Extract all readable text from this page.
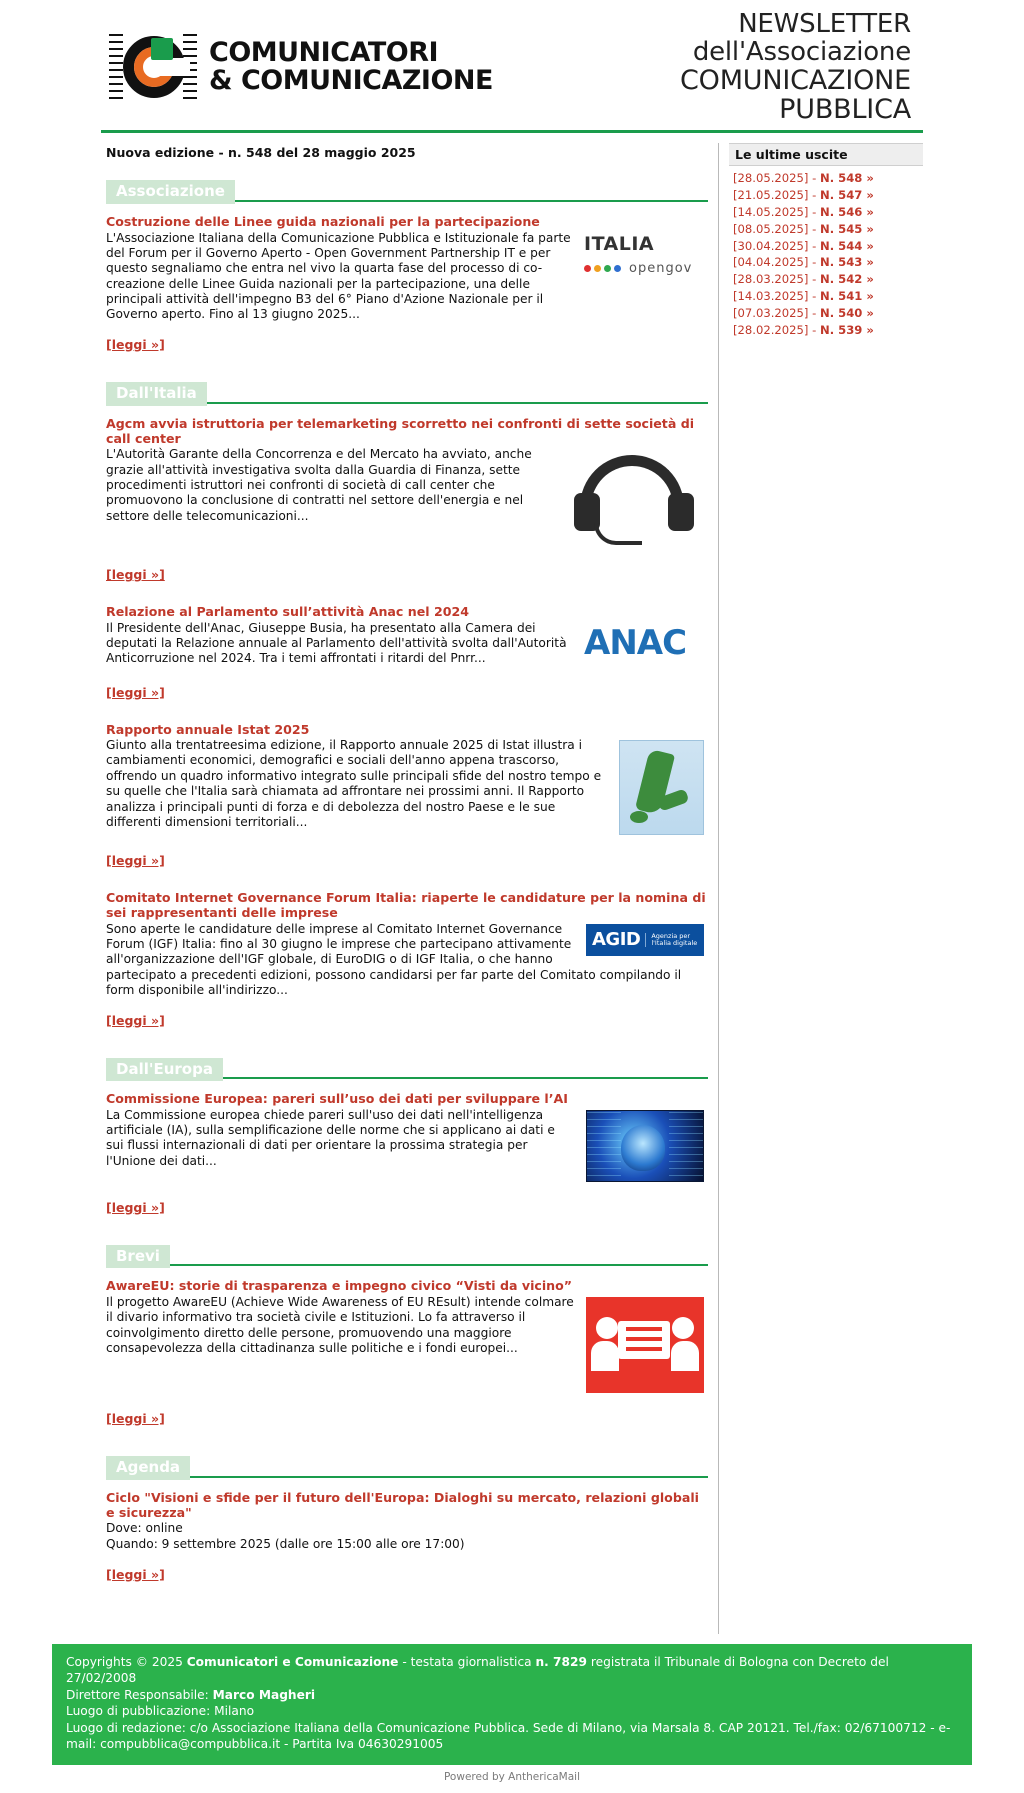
COMUNICATORI
& COMUNICAZIONE
NEWSLETTER dell'Associazione
COMUNICAZIONE PUBBLICA
Nuova edizione - n. 548 del 28 maggio 2025
Associazione
Costruzione delle Linee guida nazionali per la partecipazione
ITALIA
opengov
L'Associazione Italiana della Comunicazione Pubblica e Istituzionale fa parte del Forum per il Governo Aperto - Open Government Partnership IT e per questo segnaliamo che entra nel vivo la quarta fase del processo di co-creazione delle Linee Guida nazionali per la partecipazione, una delle principali attività dell'impegno B3 del 6° Piano d'Azione Nazionale per il Governo aperto. Fino al 13 giugno 2025...
[leggi »]
Dall'Italia
Agcm avvia istruttoria per telemarketing scorretto nei confronti di sette società di call center
L'Autorità Garante della Concorrenza e del Mercato ha avviato, anche grazie all'attività investigativa svolta dalla Guardia di Finanza, sette procedimenti istruttori nei confronti di società di call center che promuovono la conclusione di contratti nel settore dell'energia e nel settore delle telecomunicazioni...
[leggi »]
Relazione al Parlamento sull’attività Anac nel 2024
ANAC
Il Presidente dell'Anac, Giuseppe Busia, ha presentato alla Camera dei deputati la Relazione annuale al Parlamento dell'attività svolta dall'Autorità Anticorruzione nel 2024. Tra i temi affrontati i ritardi del Pnrr...
[leggi »]
Rapporto annuale Istat 2025
Giunto alla trentatreesima edizione, il Rapporto annuale 2025 di Istat illustra i cambiamenti economici, demografici e sociali dell'anno appena trascorso, offrendo un quadro informativo integrato sulle principali sfide del nostro tempo e su quelle che l'Italia sarà chiamata ad affrontare nei prossimi anni. Il Rapporto analizza i principali punti di forza e di debolezza del nostro Paese e le sue differenti dimensioni territoriali...
[leggi »]
Comitato Internet Governance Forum Italia: riaperte le candidature per la nomina di sei rappresentanti delle imprese
AGID	Agenzia per l'Italia digitale
Sono aperte le candidature delle imprese al Comitato Internet Governance Forum (IGF) Italia: fino al 30 giugno le imprese che partecipano attivamente all'organizzazione dell'IGF globale, di EuroDIG o di IGF Italia, o che hanno partecipato a precedenti edizioni, possono candidarsi per far parte del Comitato compilando il form disponibile all'indirizzo...
[leggi »]
Dall'Europa
Commissione Europea: pareri sull’uso dei dati per sviluppare l’AI
La Commissione europea chiede pareri sull'uso dei dati nell'intelligenza artificiale (IA), sulla semplificazione delle norme che si applicano ai dati e sui flussi internazionali di dati per orientare la prossima strategia per l'Unione dei dati...
[leggi »]
Brevi
AwareEU: storie di trasparenza e impegno civico “Visti da vicino”
Il progetto AwareEU (Achieve Wide Awareness of EU REsult) intende colmare il divario informativo tra società civile e Istituzioni. Lo fa attraverso il coinvolgimento diretto delle persone, promuovendo una maggiore consapevolezza della cittadinanza sulle politiche e i fondi europei...
[leggi »]
Agenda
Ciclo "Visioni e sfide per il futuro dell'Europa: Dialoghi su mercato, relazioni globali e sicurezza"
Dove: online
Quando: 9 settembre 2025 (dalle ore 15:00 alle ore 17:00)
[leggi »]
Le ultime uscite
[28.05.2025] - N. 548 »
[21.05.2025] - N. 547 »
[14.05.2025] - N. 546 »
[08.05.2025] - N. 545 »
[30.04.2025] - N. 544 »
[04.04.2025] - N. 543 »
[28.03.2025] - N. 542 »
[14.03.2025] - N. 541 »
[07.03.2025] - N. 540 »
[28.02.2025] - N. 539 »
Copyrights © 2025 Comunicatori e Comunicazione - testata giornalistica n. 7829 registrata il Tribunale di Bologna con Decreto del 27/02/2008
Direttore Responsabile: Marco Magheri
Luogo di pubblicazione: Milano
Luogo di redazione: c/o Associazione Italiana della Comunicazione Pubblica. Sede di Milano, via Marsala 8. CAP 20121. Tel./fax: 02/67100712 - e-mail: compubblica@compubblica.it - Partita Iva 04630291005
Powered by AnthericaMail
